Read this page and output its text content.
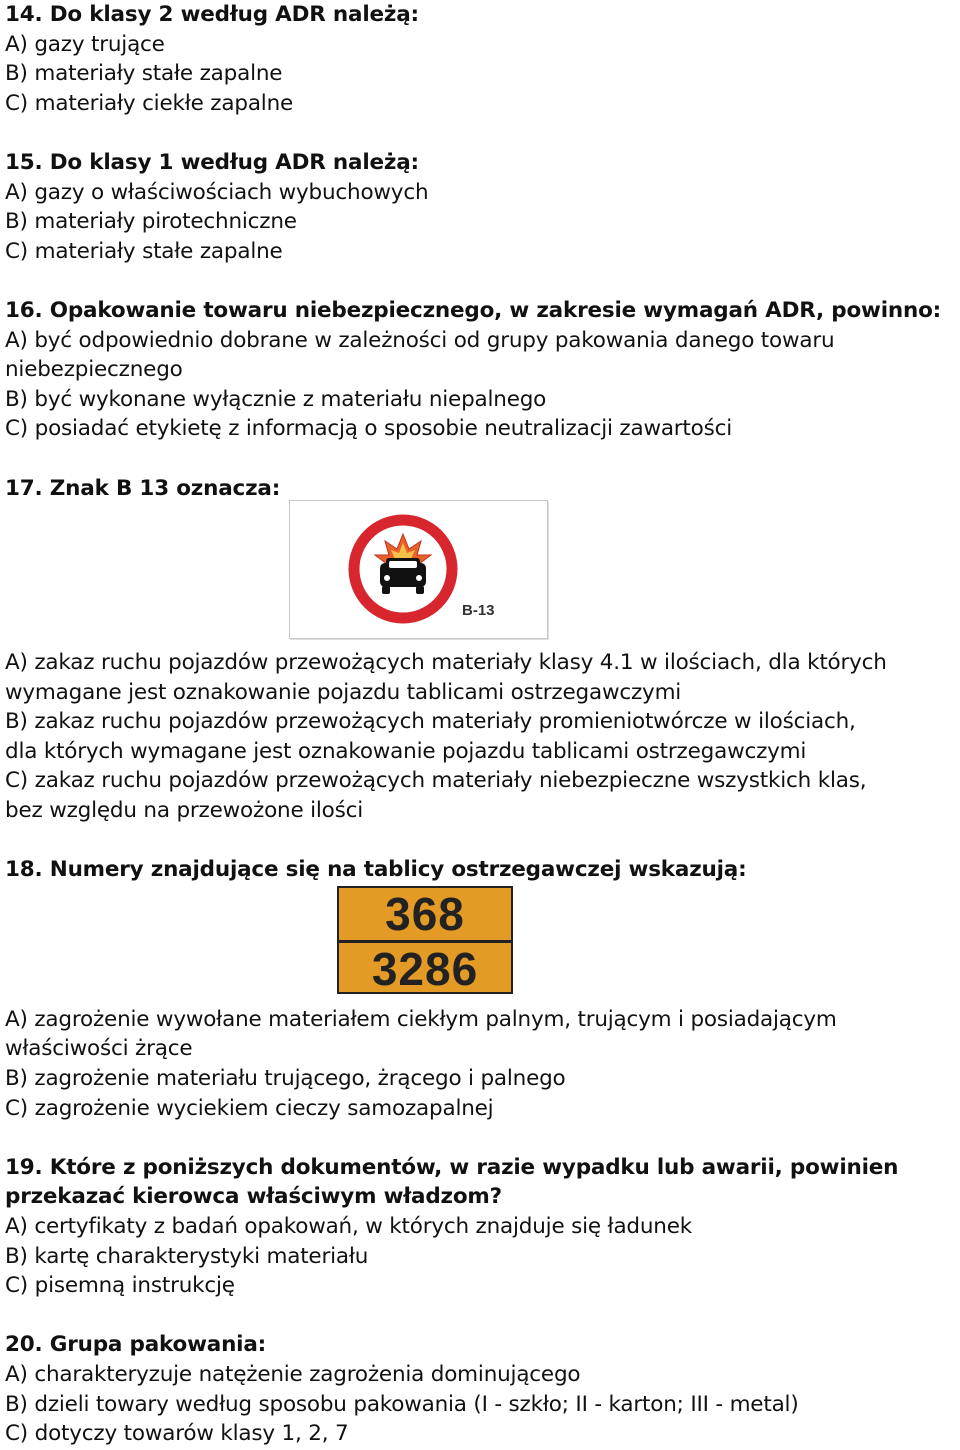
14. Do klasy 2 według ADR należą:
A) gazy trujące
B) materiały stałe zapalne
C) materiały ciekłe zapalne
15. Do klasy 1 według ADR należą:
A) gazy o właściwościach wybuchowych
B) materiały pirotechniczne
C) materiały stałe zapalne
16. Opakowanie towaru niebezpiecznego, w zakresie wymagań ADR, powinno:
A) być odpowiednio dobrane w zależności od grupy pakowania danego towaru
niebezpiecznego
B) być wykonane wyłącznie z materiału niepalnego
C) posiadać etykietę z informacją o sposobie neutralizacji zawartości
17. Znak B 13 oznacza:
A) zakaz ruchu pojazdów przewożących materiały klasy 4.1 w ilościach, dla których
wymagane jest oznakowanie pojazdu tablicami ostrzegawczymi
B) zakaz ruchu pojazdów przewożących materiały promieniotwórcze w ilościach,
dla których wymagane jest oznakowanie pojazdu tablicami ostrzegawczymi
C) zakaz ruchu pojazdów przewożących materiały niebezpieczne wszystkich klas,
bez względu na przewożone ilości
18. Numery znajdujące się na tablicy ostrzegawczej wskazują:
A) zagrożenie wywołane materiałem ciekłym palnym, trującym i posiadającym
właściwości żrące
B) zagrożenie materiału trującego, żrącego i palnego
C) zagrożenie wyciekiem cieczy samozapalnej
19. Które z poniższych dokumentów, w razie wypadku lub awarii, powinien
przekazać kierowca właściwym władzom?
A) certyfikaty z badań opakowań, w których znajduje się ładunek
B) kartę charakterystyki materiału
C) pisemną instrukcję
20. Grupa pakowania:
A) charakteryzuje natężenie zagrożenia dominującego
B) dzieli towary według sposobu pakowania (I - szkło; II - karton; III - metal)
C) dotyczy towarów klasy 1, 2, 7
B-13
368
3286
